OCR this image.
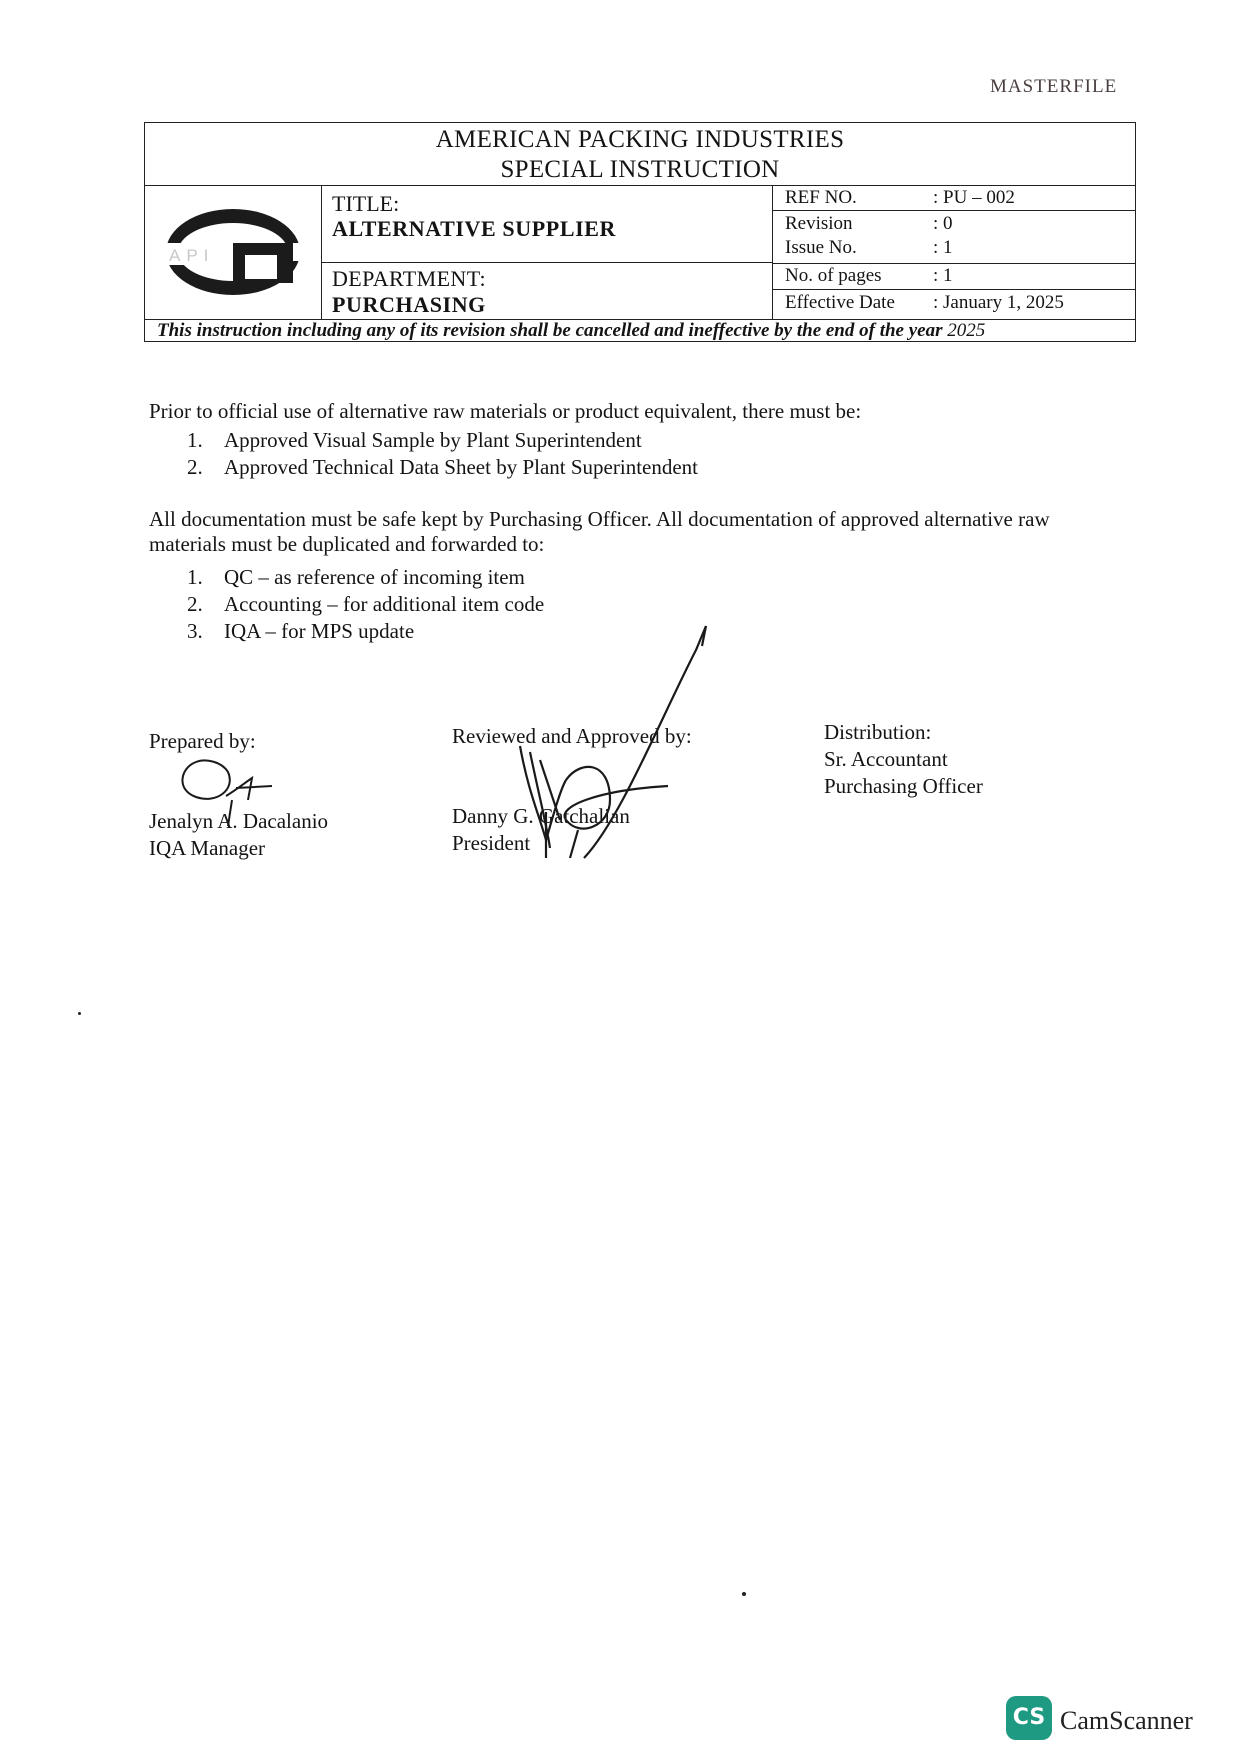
MASTERFILE
AMERICAN PACKING INDUSTRIES
SPECIAL INSTRUCTION
API
TITLE:
ALTERNATIVE SUPPLIER
DEPARTMENT:
PURCHASING
REF NO.	: PU – 002
Revision	: 0
Issue No.	: 1
No. of pages	: 1
Effective Date : January 1, 2025
This instruction including any of its revision shall be cancelled and ineffective by the end of the year 2025
Prior to official use of alternative raw materials or product equivalent, there must be:
1. Approved Visual Sample by Plant Superintendent
2. Approved Technical Data Sheet by Plant Superintendent
All documentation must be safe kept by Purchasing Officer. All documentation of approved alternative raw materials must be duplicated and forwarded to:
1. QC – as reference of incoming item
2. Accounting – for additional item code
3. IQA – for MPS update
Prepared by:
Jenalyn A. Dacalanio
IQA Manager
Reviewed and Approved by:
Danny G. Gatchalian
President
Distribution:
Sr. Accountant
Purchasing Officer
CS CamScanner
